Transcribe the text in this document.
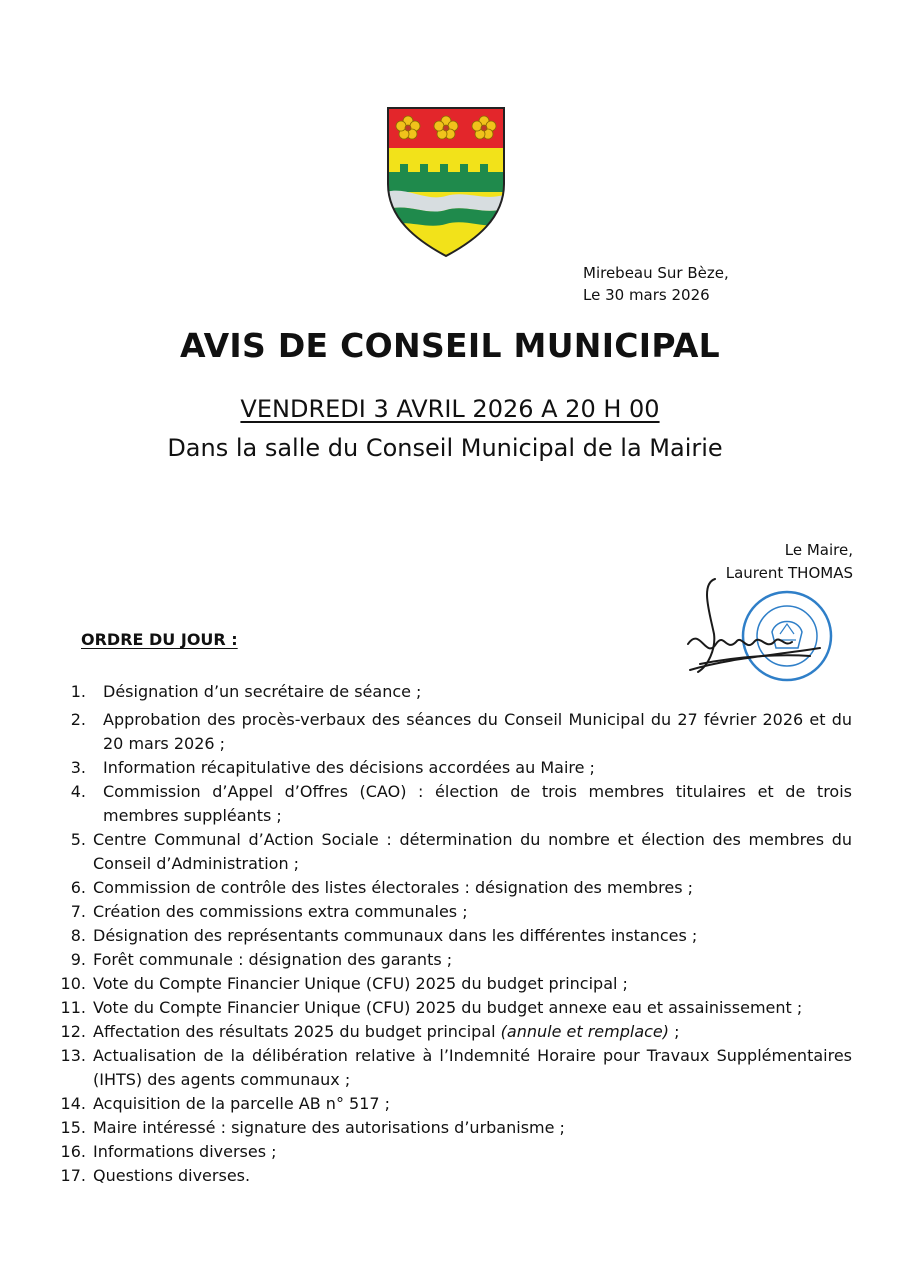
Mirebeau Sur Bèze,
Le 30 mars 2026
AVIS DE CONSEIL MUNICIPAL
VENDREDI 3 AVRIL 2026 A 20 H 00
Dans la salle du Conseil Municipal de la Mairie
Le Maire,
Laurent THOMAS
ORDRE DU JOUR :
1. Désignation d’un secrétaire de séance ;
2. Approbation des procès-verbaux des séances du Conseil Municipal du 27 février 2026 et du 20 mars 2026 ;
3. Information récapitulative des décisions accordées au Maire ;
4. Commission d’Appel d’Offres (CAO) : élection de trois membres titulaires et de trois membres suppléants ;
5. Centre Communal d’Action Sociale : détermination du nombre et élection des membres du Conseil d’Administration ;
6. Commission de contrôle des listes électorales : désignation des membres ;
7. Création des commissions extra communales ;
8. Désignation des représentants communaux dans les différentes instances ;
9. Forêt communale : désignation des garants ;
10. Vote du Compte Financier Unique (CFU) 2025 du budget principal ;
11. Vote du Compte Financier Unique (CFU) 2025 du budget annexe eau et assainissement ;
12. Affectation des résultats 2025 du budget principal (annule et remplace) ;
13. Actualisation de la délibération relative à l’Indemnité Horaire pour Travaux Supplémentaires (IHTS) des agents communaux ;
14. Acquisition de la parcelle AB n° 517 ;
15. Maire intéressé : signature des autorisations d’urbanisme ;
16. Informations diverses ;
17. Questions diverses.
